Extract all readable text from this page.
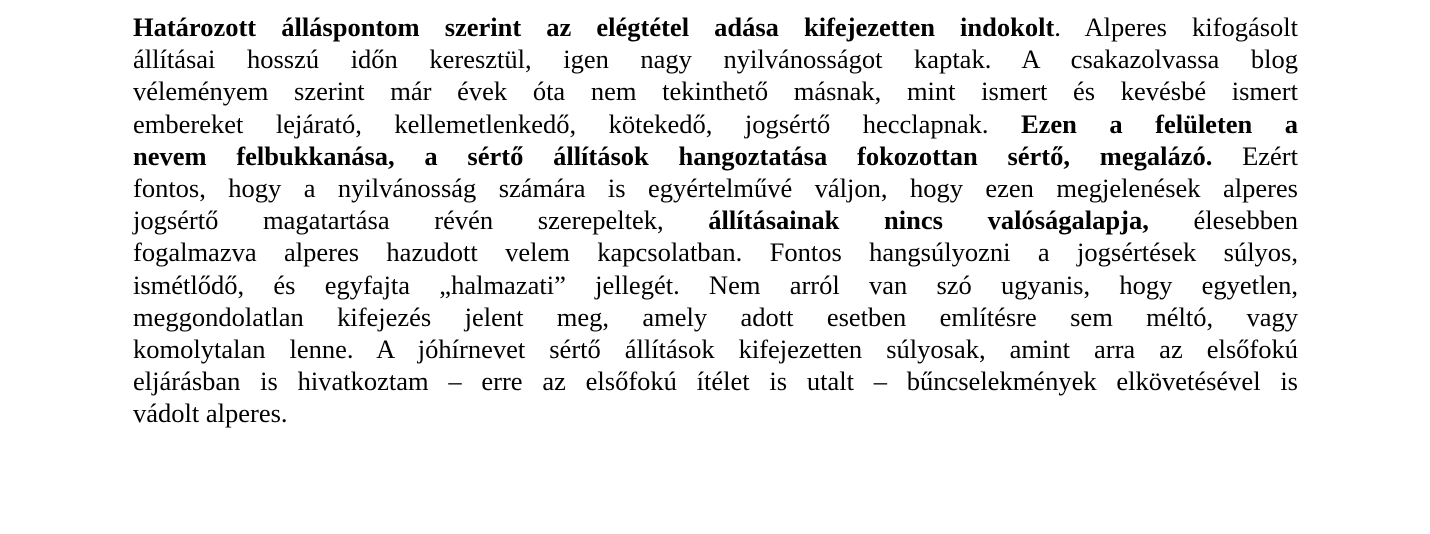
Határozott álláspontom szerint az elégtétel adása kifejezetten indokolt. Alperes kifogásolt
állításai hosszú időn keresztül, igen nagy nyilvánosságot kaptak. A csakazolvassa blog
véleményem szerint már évek óta nem tekinthető másnak, mint ismert és kevésbé ismert
embereket lejárató, kellemetlenkedő, kötekedő, jogsértő hecclapnak. Ezen a felületen a
nevem felbukkanása, a sértő állítások hangoztatása fokozottan sértő, megalázó. Ezért
fontos, hogy a nyilvánosság számára is egyértelművé váljon, hogy ezen megjelenések alperes
jogsértő magatartása révén szerepeltek, állításainak nincs valóságalapja, élesebben
fogalmazva alperes hazudott velem kapcsolatban. Fontos hangsúlyozni a jogsértések súlyos,
ismétlődő, és egyfajta „halmazati” jellegét. Nem arról van szó ugyanis, hogy egyetlen,
meggondolatlan kifejezés jelent meg, amely adott esetben említésre sem méltó, vagy
komolytalan lenne. A jóhírnevet sértő állítások kifejezetten súlyosak, amint arra az elsőfokú
eljárásban is hivatkoztam – erre az elsőfokú ítélet is utalt – bűncselekmények elkövetésével is
vádolt alperes.
